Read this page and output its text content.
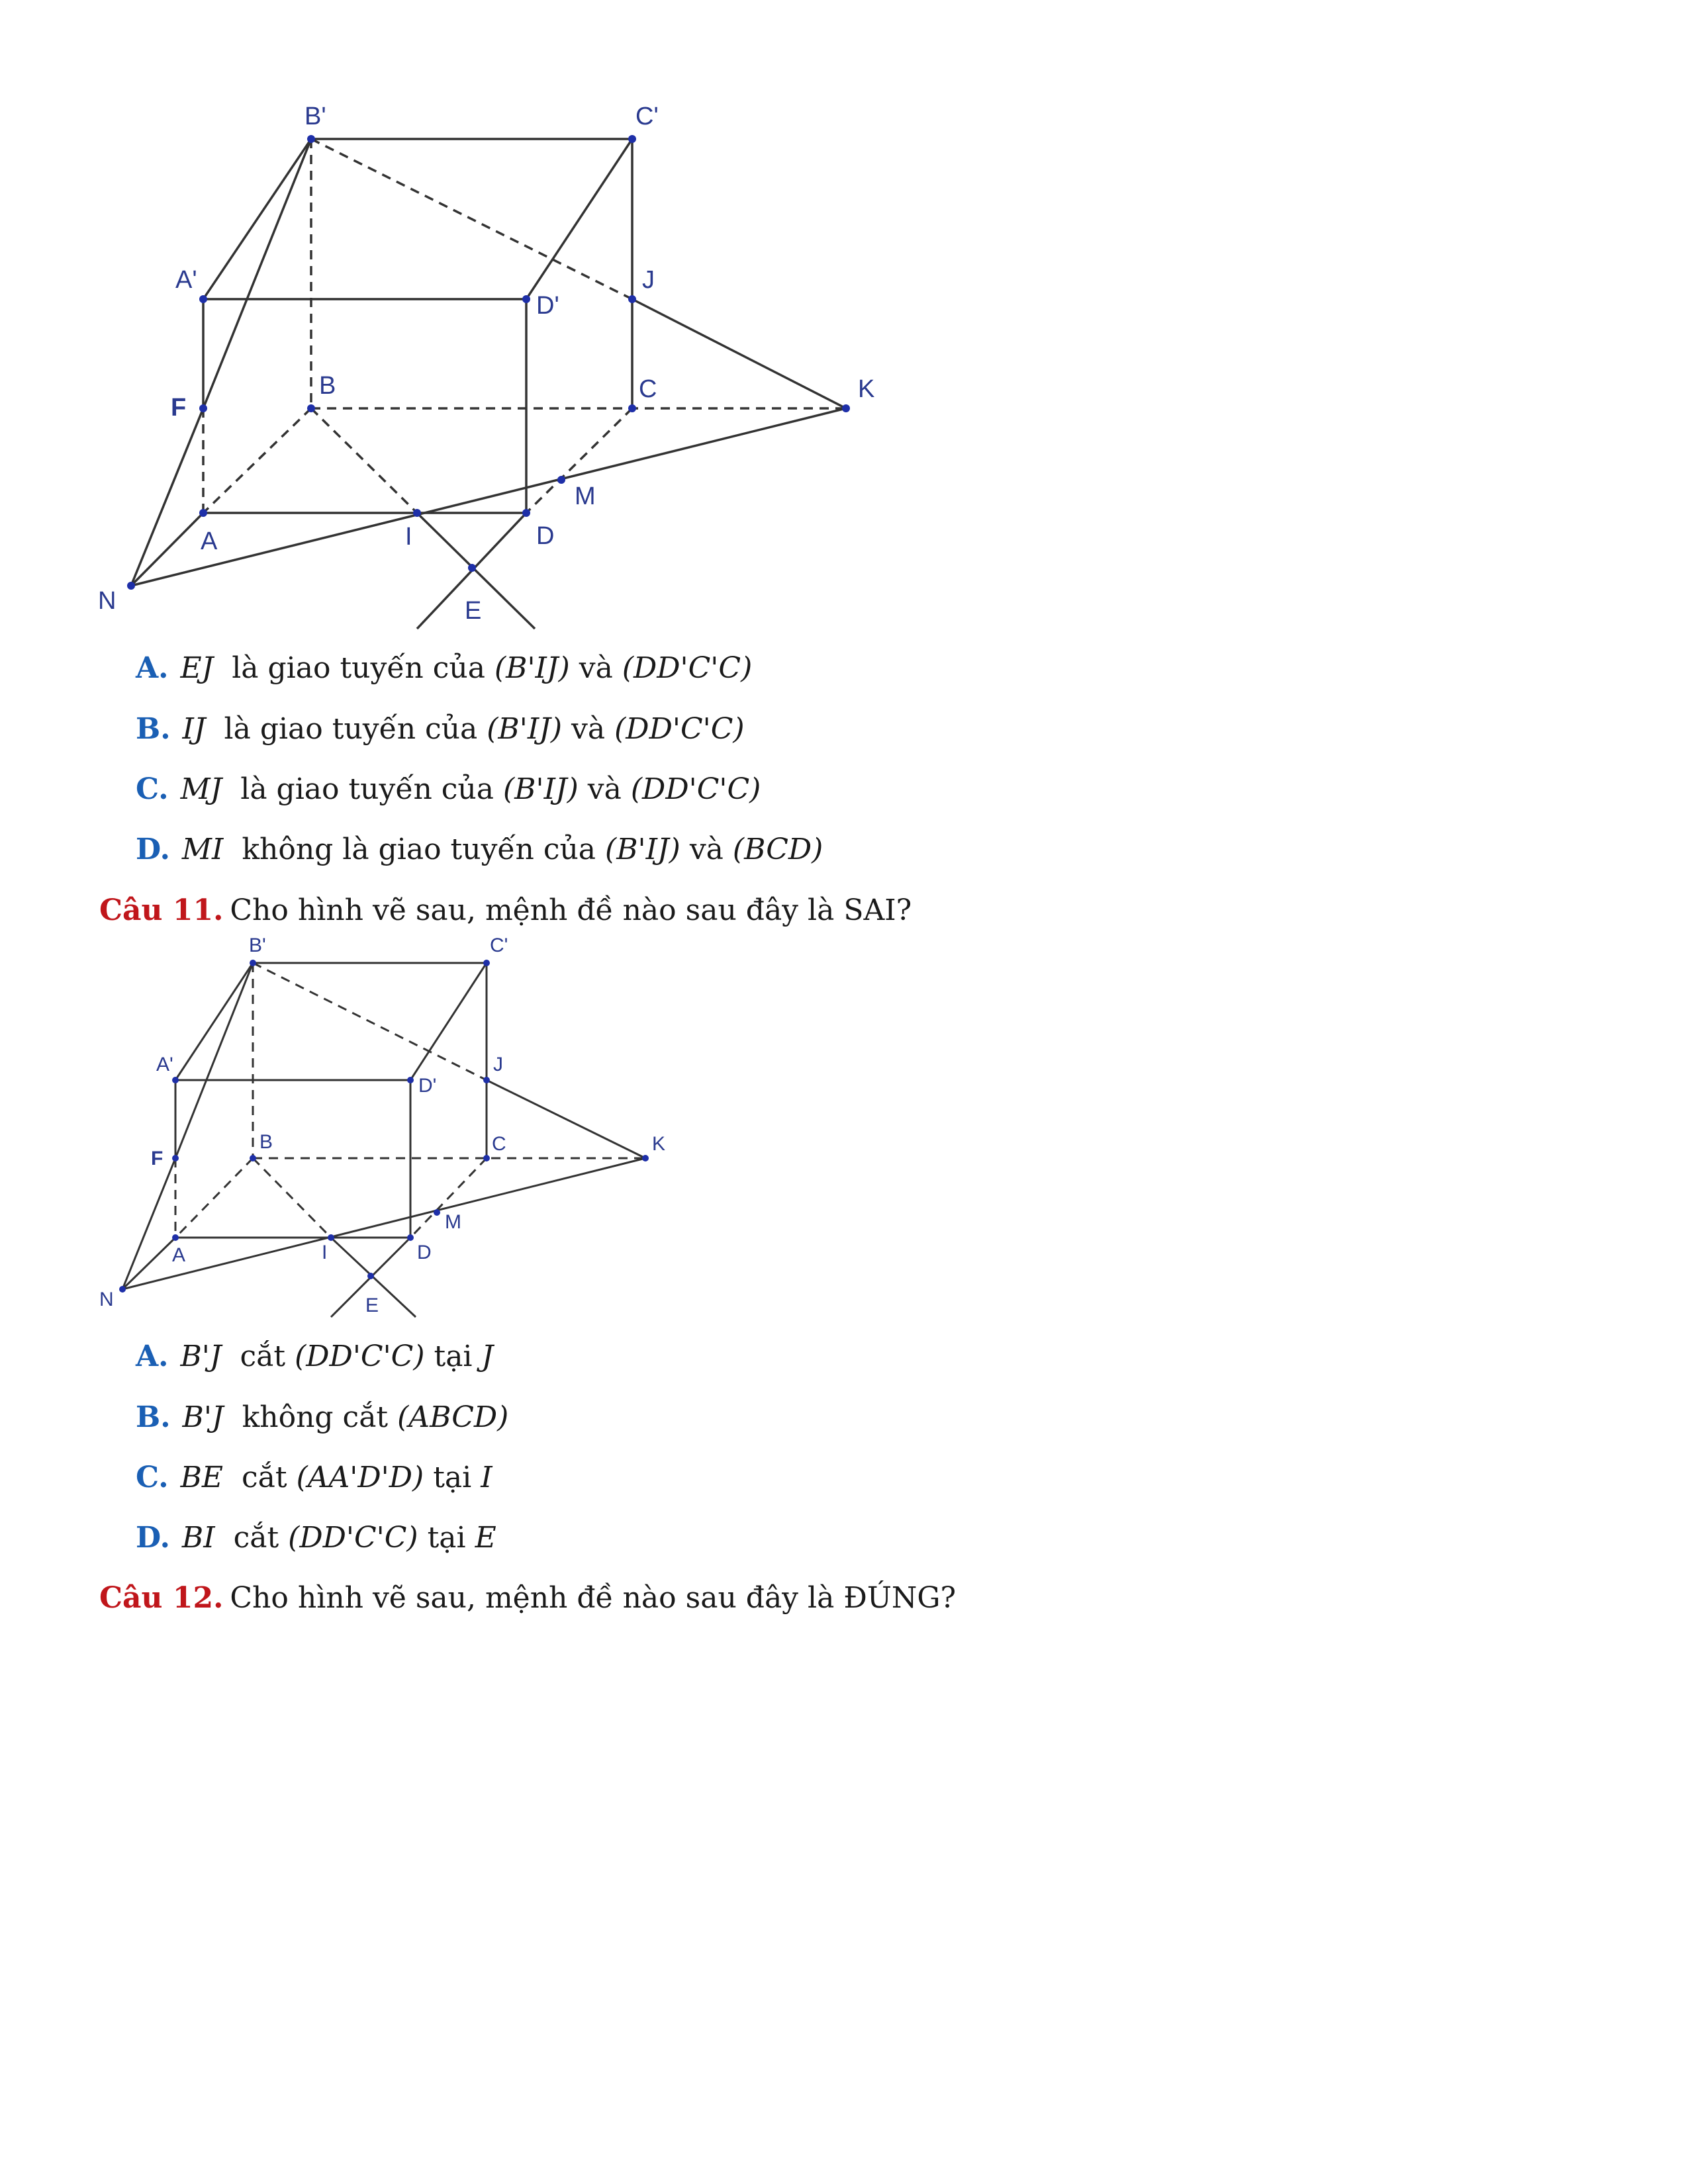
B'	C'
A'
D'
J
F
B	C	K
M
A	I	D
N	E
A. EJ là giao tuyến của (B'IJ) và (DD'C'C)
B. IJ là giao tuyến của (B'IJ) và (DD'C'C)
C. MJ là giao tuyến của (B'IJ) và (DD'C'C)
D. MI không là giao tuyến của (B'IJ) và (BCD)
Câu 11. Cho hình vẽ sau, mệnh đề nào sau đây là SAI?
B'	C'
A'
D'
J
F
B	C	K
M
A	I	D
N	E
A. B'J cắt (DD'C'C) tại J
B. B'J không cắt (ABCD)
C. BE cắt (AA'D'D) tại I
D. BI cắt (DD'C'C) tại E
Câu 12. Cho hình vẽ sau, mệnh đề nào sau đây là ĐÚNG?
